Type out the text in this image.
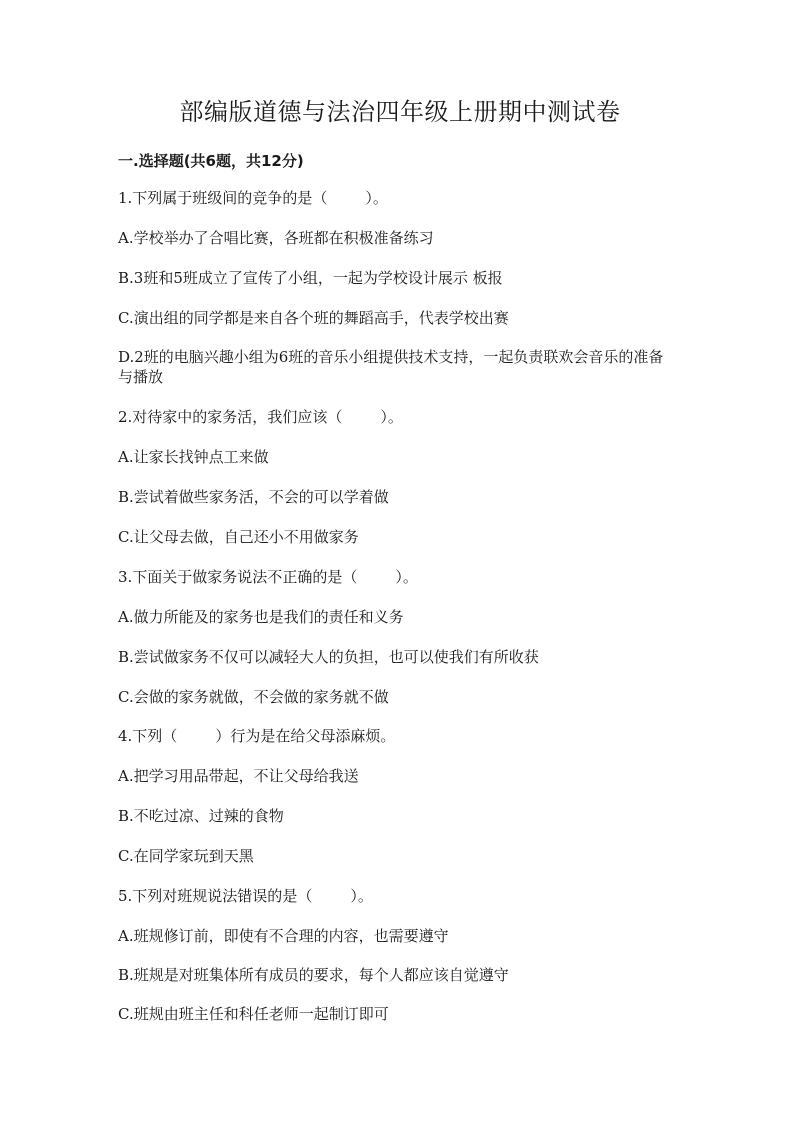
部编版道德与法治四年级上册期中测试卷
一.选择题(共6题，共12分)
1.下列属于班级间的竞争的是（	）。
A.学校举办了合唱比赛，各班都在积极准备练习
B.3班和5班成立了宣传了小组，一起为学校设计展示 板报
C.演出组的同学都是来自各个班的舞蹈高手，代表学校出赛
D.2班的电脑兴趣小组为6班的音乐小组提供技术支持，一起负责联欢会音乐的准备与播放
2.对待家中的家务活，我们应该（	）。
A.让家长找钟点工来做
B.尝试着做些家务活，不会的可以学着做
C.让父母去做，自己还小不用做家务
3.下面关于做家务说法不正确的是（	）。
A.做力所能及的家务也是我们的责任和义务
B.尝试做家务不仅可以减轻大人的负担，也可以使我们有所收获
C.会做的家务就做，不会做的家务就不做
4.下列（	）行为是在给父母添麻烦。
A.把学习用品带起，不让父母给我送
B.不吃过凉、过辣的食物
C.在同学家玩到天黑
5.下列对班规说法错误的是（	）。
A.班规修订前，即使有不合理的内容，也需要遵守
B.班规是对班集体所有成员的要求，每个人都应该自觉遵守
C.班规由班主任和科任老师一起制订即可
